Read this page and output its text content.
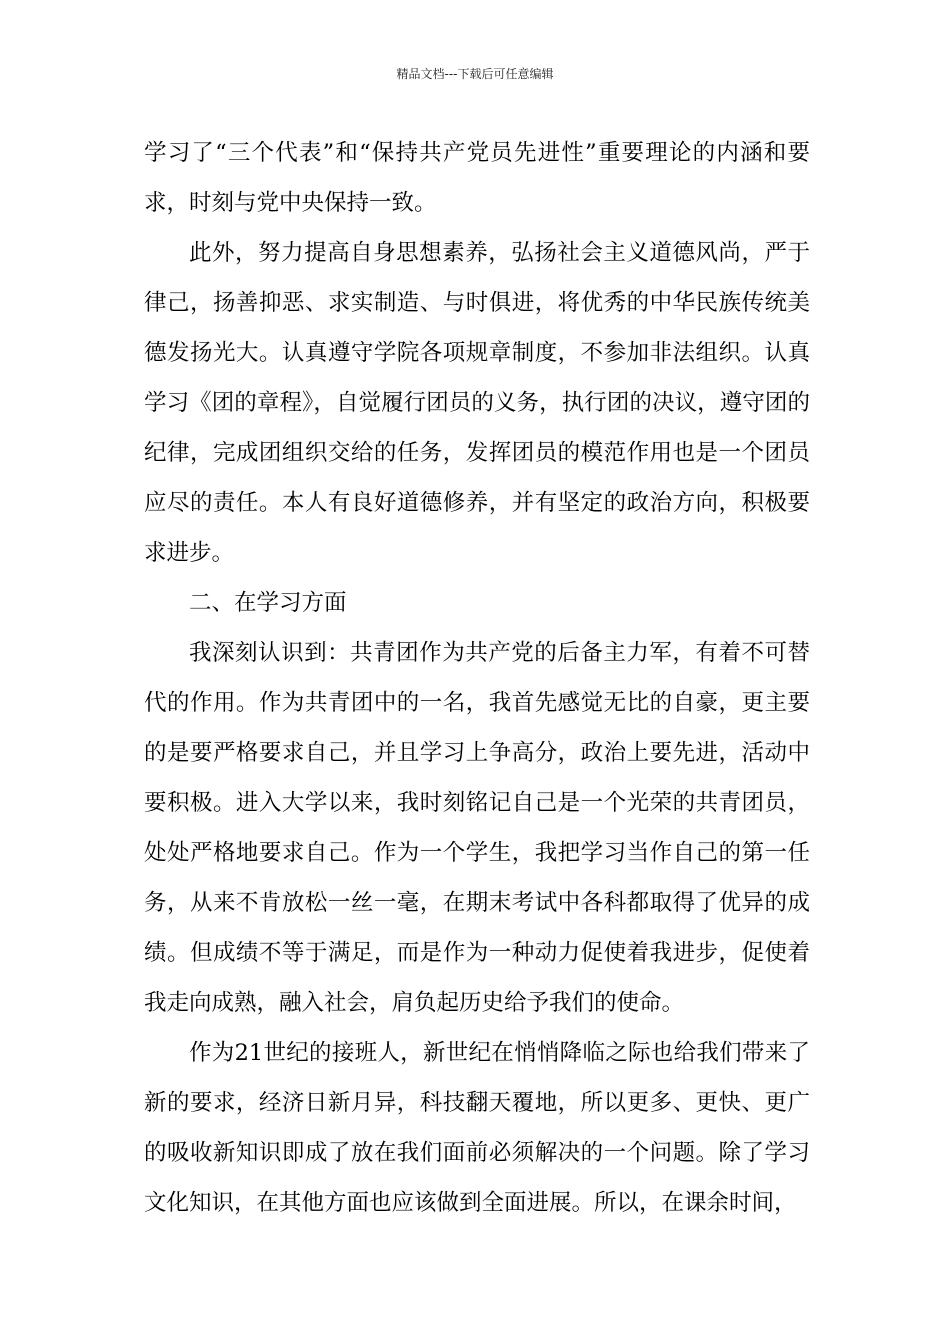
精品文档---下载后可任意编辑

学习了“三个代表”和“保持共产党员先进性”重要理论的内涵和要求，时刻与党中央保持一致。

此外，努力提高自身思想素养，弘扬社会主义道德风尚，严于律己，扬善抑恶、求实制造、与时俱进，将优秀的中华民族传统美德发扬光大。认真遵守学院各项规章制度，不参加非法组织。认真学习《团的章程》，自觉履行团员的义务，执行团的决议，遵守团的纪律，完成团组织交给的任务，发挥团员的模范作用也是一个团员应尽的责任。本人有良好道德修养，并有坚定的政治方向，积极要求进步。

二、在学习方面

我深刻认识到：共青团作为共产党的后备主力军，有着不可替代的作用。作为共青团中的一名，我首先感觉无比的自豪，更主要的是要严格要求自己，并且学习上争高分，政治上要先进，活动中要积极。进入大学以来，我时刻铭记自己是一个光荣的共青团员，处处严格地要求自己。作为一个学生，我把学习当作自己的第一任务，从来不肯放松一丝一毫，在期末考试中各科都取得了优异的成绩。但成绩不等于满足，而是作为一种动力促使着我进步，促使着我走向成熟，融入社会，肩负起历史给予我们的使命。

作为21世纪的接班人，新世纪在悄悄降临之际也给我们带来了新的要求，经济日新月异，科技翻天覆地，所以更多、更快、更广的吸收新知识即成了放在我们面前必须解决的一个问题。除了学习文化知识，在其他方面也应该做到全面进展。所以，在课余时间，
